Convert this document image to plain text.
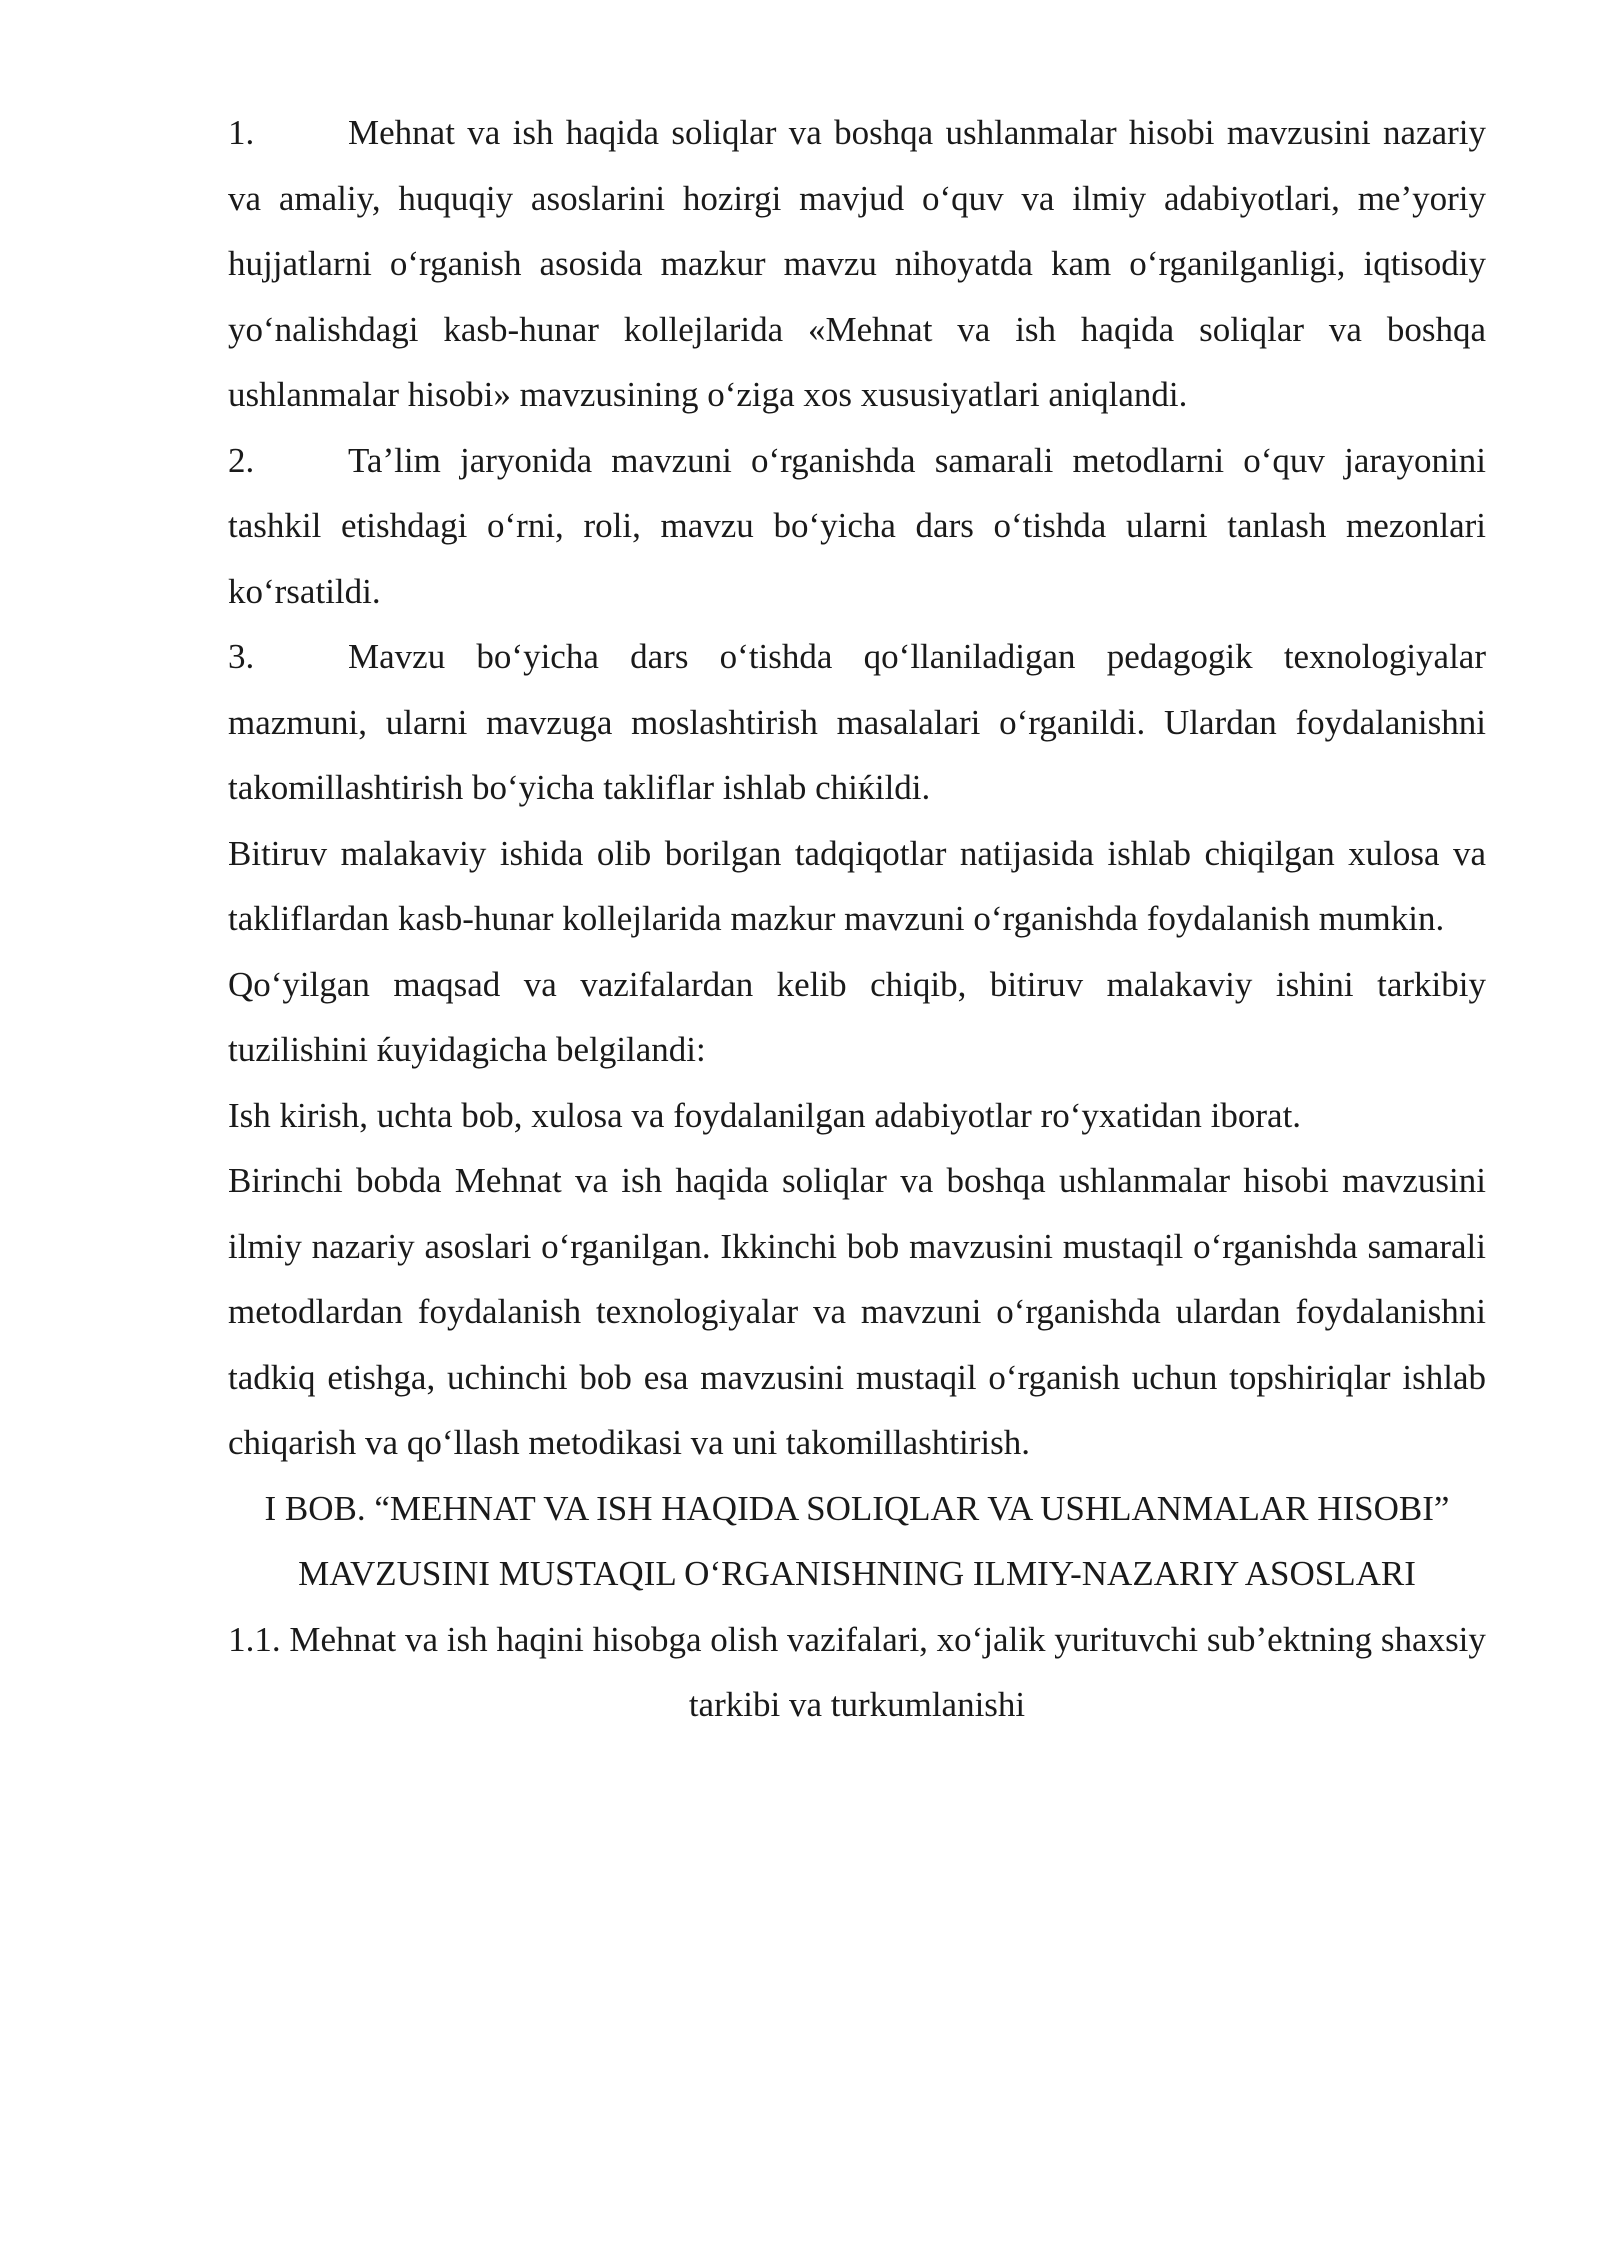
1.	Mehnat va ish haqida soliqlar va boshqa ushlanmalar hisobi mavzusini nazariy va amaliy, huquqiy asoslarini hozirgi mavjud oʻquv va ilmiy adabiyotlari, meʼyoriy hujjatlarni oʻrganish asosida mazkur mavzu nihoyatda kam oʻrganilganligi, iqtisodiy yoʻnalishdagi kasb-hunar kollejlarida «Mehnat va ish haqida soliqlar va boshqa ushlanmalar hisobi» mavzusining oʻziga xos xususiyatlari aniqlandi.

2.	Taʼlim jaryonida mavzuni oʻrganishda samarali metodlarni oʻquv jarayonini tashkil etishdagi oʻrni, roli, mavzu boʻyicha dars oʻtishda ularni tanlash mezonlari koʻrsatildi.

3.	Mavzu boʻyicha dars oʻtishda qoʻllaniladigan pedagogik texnologiyalar mazmuni, ularni mavzuga moslashtirish masalalari oʻrganildi. Ulardan foydalanishni takomillashtirish boʻyicha takliflar ishlab chiќildi.

Bitiruv malakaviy ishida olib borilgan tadqiqotlar natijasida ishlab chiqilgan xulosa va takliflardan kasb-hunar kollejlarida mazkur mavzuni oʻrganishda foydalanish mumkin.

Qoʻyilgan maqsad va vazifalardan kelib chiqib, bitiruv malakaviy ishini tarkibiy tuzilishini ќuyidagicha belgilandi:

Ish kirish, uchta bob, xulosa va foydalanilgan adabiyotlar roʻyxatidan iborat.

Birinchi bobda Mehnat va ish haqida soliqlar va boshqa ushlanmalar hisobi mavzusini ilmiy nazariy asoslari oʻrganilgan. Ikkinchi bob mavzusini mustaqil oʻrganishda samarali metodlardan foydalanish texnologiyalar va mavzuni oʻrganishda ulardan foydalanishni tadkiq etishga, uchinchi bob esa mavzusini mustaqil oʻrganish uchun topshiriqlar ishlab chiqarish va qoʻllash metodikasi va uni takomillashtirish.

I BOB. “MEHNAT VA ISH HAQIDA SOLIQLAR VA USHLANMALAR HISOBI” MAVZUSINI MUSTAQIL OʻRGANISHNING ILMIY-NAZARIY ASOSLARI

1.1. Mehnat va ish haqini hisobga olish vazifalari, xoʻjalik yurituvchi subʼektning shaxsiy tarkibi va turkumlanishi
